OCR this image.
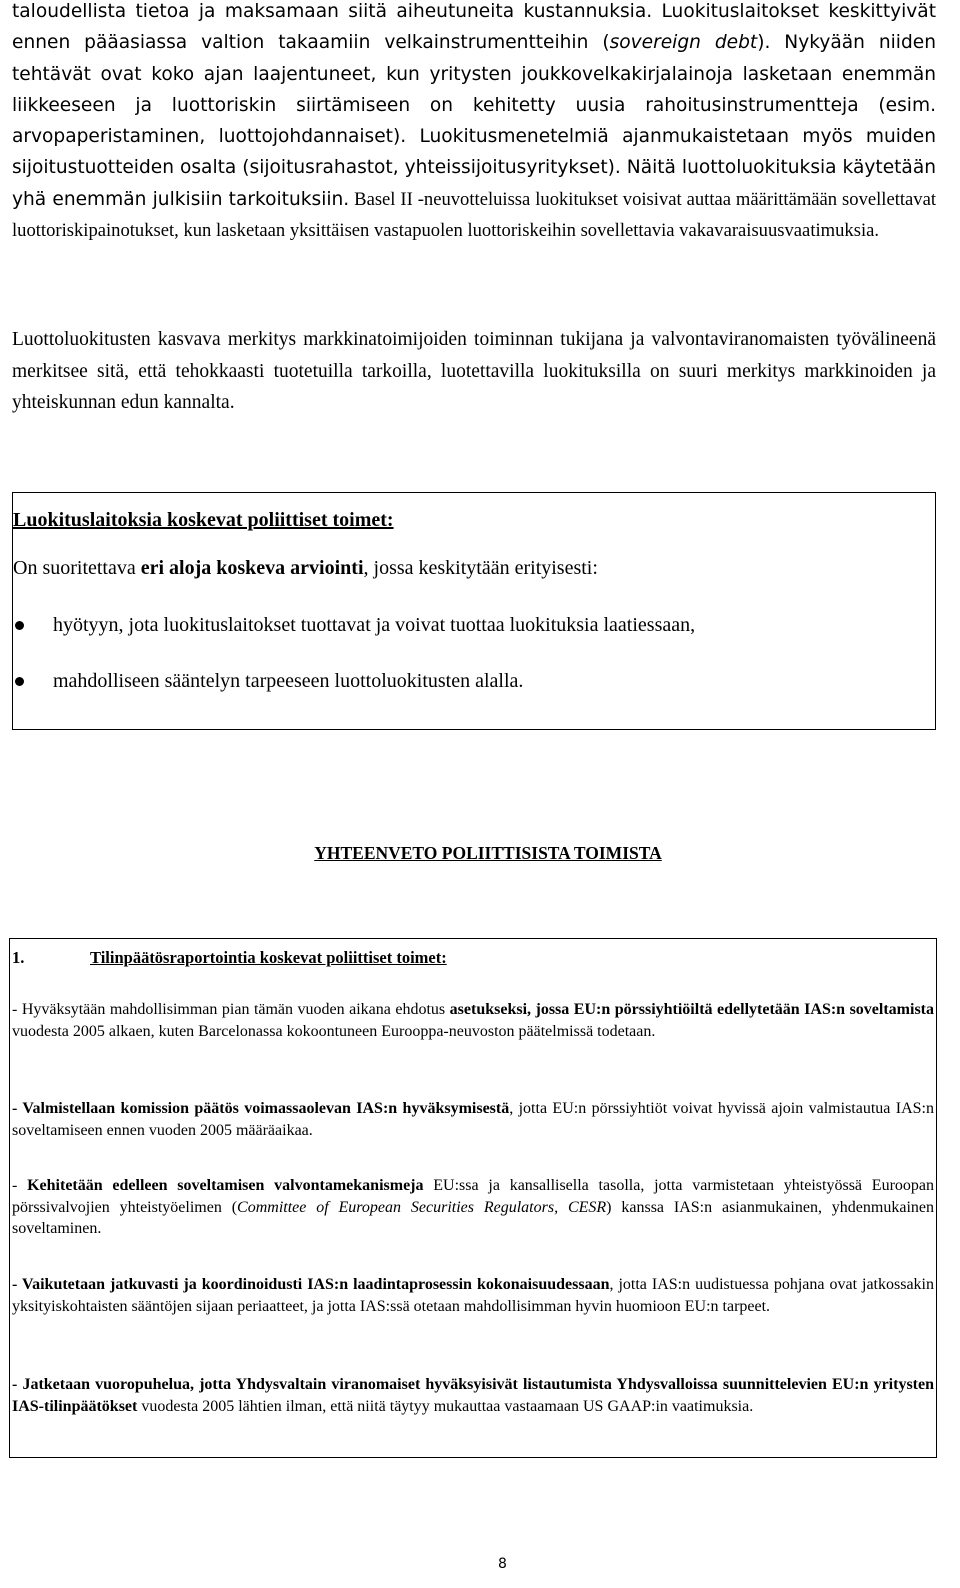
taloudellista tietoa ja maksamaan siitä aiheutuneita kustannuksia. Luokituslaitokset keskittyivät ennen pääasiassa valtion takaamiin velkainstrumentteihin (sovereign debt). Nykyään niiden tehtävät ovat koko ajan laajentuneet, kun yritysten joukkovelkakirjalainoja lasketaan enemmän liikkeeseen ja luottoriskin siirtämiseen on kehitetty uusia rahoitusinstrumentteja (esim. arvopaperistaminen, luottojohdannaiset). Luokitusmenetelmiä ajanmukaistetaan myös muiden sijoitustuotteiden osalta (sijoitusrahastot, yhteissijoitusyritykset). Näitä luottoluokituksia käytetään yhä enemmän julkisiin tarkoituksiin. Basel II -neuvotteluissa luokitukset voisivat auttaa määrittämään sovellettavat luottoriskipainotukset, kun lasketaan yksittäisen vastapuolen luottoriskeihin sovellettavia vakavaraisuusvaatimuksia.

Luottoluokitusten kasvava merkitys markkinatoimijoiden toiminnan tukijana ja valvontaviranomaisten työvälineenä merkitsee sitä, että tehokkaasti tuotetuilla tarkoilla, luotettavilla luokituksilla on suuri merkitys markkinoiden ja yhteiskunnan edun kannalta.

Luokituslaitoksia koskevat poliittiset toimet:
On suoritettava eri aloja koskeva arviointi, jossa keskitytään erityisesti:
hyötyyn, jota luokituslaitokset tuottavat ja voivat tuottaa luokituksia laatiessaan,
mahdolliseen sääntelyn tarpeeseen luottoluokitusten alalla.
YHTEENVETO POLIITTISISTA TOIMISTA
1.	Tilinpäätösraportointia koskevat poliittiset toimet:

- Hyväksytään mahdollisimman pian tämän vuoden aikana ehdotus asetukseksi, jossa EU:n pörssiyhtiöiltä edellytetään IAS:n soveltamista vuodesta 2005 alkaen, kuten Barcelonassa kokoontuneen Eurooppa-neuvoston päätelmissä todetaan.

- Valmistellaan komission päätös voimassaolevan IAS:n hyväksymisestä, jotta EU:n pörssiyhtiöt voivat hyvissä ajoin valmistautua IAS:n soveltamiseen ennen vuoden 2005 määräaikaa.

- Kehitetään edelleen soveltamisen valvontamekanismeja EU:ssa ja kansallisella tasolla, jotta varmistetaan yhteistyössä Euroopan pörssivalvojien yhteistyöelimen (Committee of European Securities Regulators, CESR) kanssa IAS:n asianmukainen, yhdenmukainen soveltaminen.

- Vaikutetaan jatkuvasti ja koordinoidusti IAS:n laadintaprosessin kokonaisuudessaan, jotta IAS:n uudistuessa pohjana ovat jatkossakin yksityiskohtaisten sääntöjen sijaan periaatteet, ja jotta IAS:ssä otetaan mahdollisimman hyvin huomioon EU:n tarpeet.

- Jatketaan vuoropuhelua, jotta Yhdysvaltain viranomaiset hyväksyisivät listautumista Yhdysvalloissa suunnittelevien EU:n yritysten IAS-tilinpäätökset vuodesta 2005 lähtien ilman, että niitä täytyy mukauttaa vastaamaan US GAAP:in vaatimuksia.

8
